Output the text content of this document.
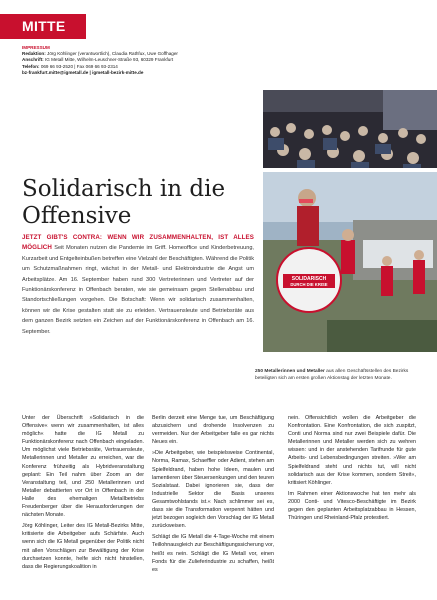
MITTE
IMPRESSUM
Redaktion: Jörg Köhlinger (verantwortlich), Claudia Rathfux, Uwe Goffhager
Anschrift: IG Metall Mitte, Wilhelm-Leuschner-Straße 93, 60329 Frankfurt
Telefon: 069 66 93-2520 | Fax 069 66 93-2314
bz-frankfurt.mitte@igmetall.de | igmetall-bezirk-mitte.de
SOLIDARISCH
DURCH DIE KRISE
Solidarisch in die Offensive
JETZT GIBT'S CONTRA: WENN WIR ZUSAMMENHALTEN, IST ALLES MÖGLICH Seit Monaten nutzen die Pandemie im Griff. Homeoffice und Kinderbetreuung, Kurzarbeit und Entgelteinbußen betreffen eine Vielzahl der Beschäftigten. Während die Politik um Schutzmaßnahmen ringt, wächst in der Metall- und Elektroindustrie die Angst um Arbeitsplätze. Am 16. September haben rund 300 Vertreterinnen und Vertreter auf der Funktionärskonferenz in Offenbach beraten, wie sie gemeinsam gegen Stellenabbau und Standortschließungen vorgehen. Die Botschaft: Wenn wir solidarisch zusammenhalten, können wir die Krise gestalten statt sie zu erleiden. Vertrauensleute und Betriebsräte aus dem ganzen Bezirk setzten ein Zeichen auf der Funktionärskonferenz in Offenbach am 16. September.
250 Metallerinnen und Metaller aus allen Geschäftsstellen des Bezirks beteiligten sich am ersten großen Aktionstag der letzten Monate.

Unter der Überschrift »Solidarisch in die Offensive« wenn wir zusammenhalten, ist alles möglich« hatte die IG Metall zu Funktionärskonferenz nach Offenbach eingeladen. Um möglichst viele Betriebsräte, Vertrauensleute, Metallerinnen und Metaller zu erreichen, war die Konferenz frühzeitig als Hybridveranstaltung geplant: Ein Teil nahm über Zoom an der Veranstaltung teil, und 250 Metallerinnen und Metaller debattierten vor Ort in Offenbach in der Halle des ehemaligen Metallbetriebs Freudenberger über die Herausforderungen der nächsten Monate.

Jörg Köhlinger, Leiter des IG Metall-Bezirks Mitte, kritisierte die Arbeitgeber aufs Schärfste. Auch wenn sich die IG Metall gegenüber der Politik nicht mit allen Vorschlägen zur Bewältigung der Krise durchsetzen konnte, helfe sich nicht hinstellen, dass die Regierungskoalition in

Berlin derzeit eine Menge tue, um Beschäftigung abzusichern und drohende Insolvenzen zu vermeiden. Nur der Arbeitgeber falle es gar nichts Neues ein.

»Die Arbeitgeber, wie beispielsweise Continental, Norma, Ramax, Schaeffler oder Adient, stehen am Spielfeldrand, haben hohe Ideen, maulen und lamentieren über Steuersenkungen und den teuren Sozialstaat. Dabei ignorieren sie, dass der Industrielle Sektor die Basis unseres Gesamtwohlstands ist.« Nach schlimmer sei es, dass sie die Transformation verpennt hätten und jetzt bezogen sogleich den Vorschlag der IG Metall zurückweisen.

Schlägt die IG Metall die 4-Tage-Woche mit einem Teillohnausgleich zur Beschäftigungssicherung vor, heißt es nein. Schlägt die IG Metall vor, einen Fonds für die Zulieferindustrie zu schaffen, heißt es

nein. Offensichtlich wollen die Arbeitgeber die Konfrontation. Eine Konfrontation, die sich zuspitzt, Conti und Norma sind nur zwei Beispiele dafür. Die Metallerinnen und Metaller werden sich zu wehren wissen: und in der anstehenden Tarifrunde für gute Arbeits- und Lebensbedingungen streiten. »Wer am Spielfeldrand steht und nichts tut, will nicht solidarisch aus der Krise kommen, sondern Streit«, kritisiert Köhlinger.

Im Rahmen einer Aktionswoche hat ten mehr als 2000 Conti- und Vitesco-Beschäftigte im Bezirk gegen den geplanten Arbeitsplatzabbau in Hessen, Thüringen und Rheinland-Pfalz protestiert.
